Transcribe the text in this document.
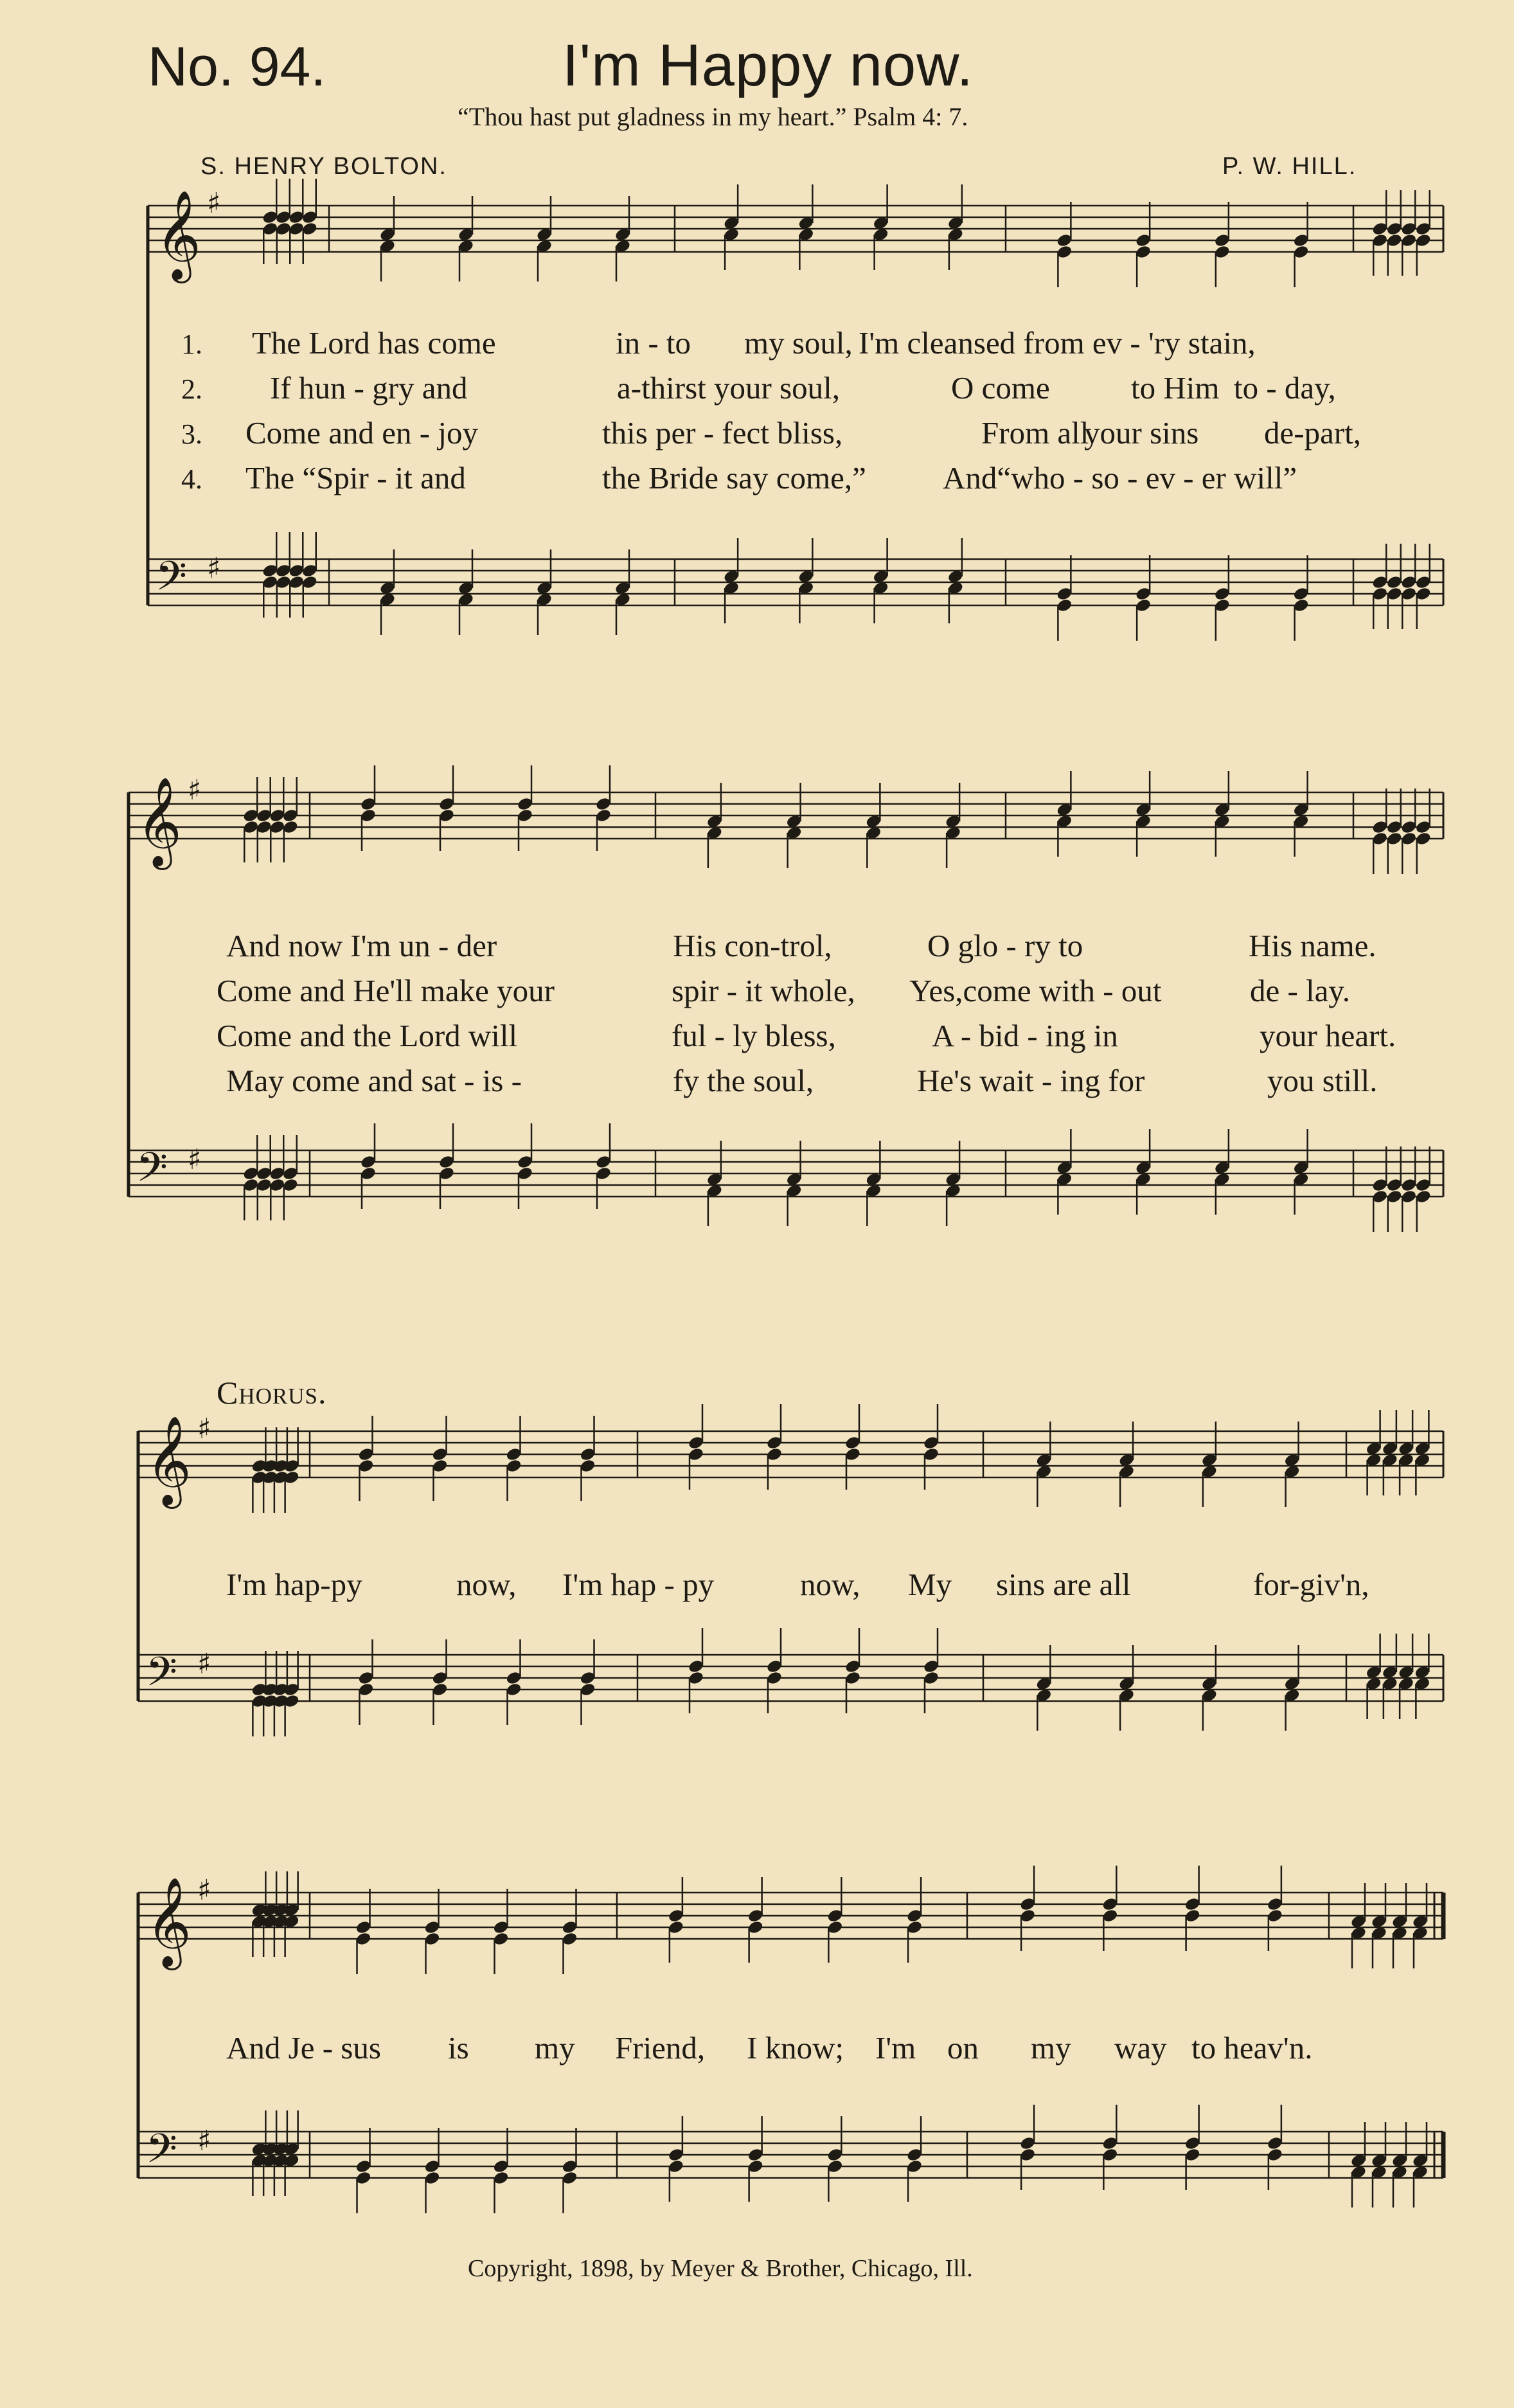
No. 94.	I'm Happy now.
“Thou hast put gladness in my heart.” Psalm 4: 7.
S. HENRY BOLTON.	P. W. HILL.
𝄞 ♯
𝄢 ♯
𝄞 ♯
𝄢 ♯
𝄞 ♯
𝄢 ♯
𝄞 ♯
𝄢 ♯
1.
2.
3.
4.
The Lord has come	in - to my soul, I'm cleansed from ev - 'ry stain,
If hun - gry and	a-thirst your soul,	O come	to Him to - day,
Come and en - joy	this per - fect bliss,	From allyour sins de-part,
The “Spir - it and	the Bride say come,” And“who - so - ev - er will”
And now I'm un - der	His con-trol,	O glo - ry to	His name.
Come and He'll make your	spir - it whole, Yes,come with - out	de - lay.
Come and the Lord will	ful - ly bless,	A - bid - ing in	your heart.
May come and sat - is -	fy the soul,	He's wait - ing for	you still.
Chorus.
I'm hap-py	now, I'm hap - py	now, My sins are all	for-giv'n,
And Je - sus is my Friend, I know; I'm on my way to heav'n.
Copyright, 1898, by Meyer & Brother, Chicago, Ill.
